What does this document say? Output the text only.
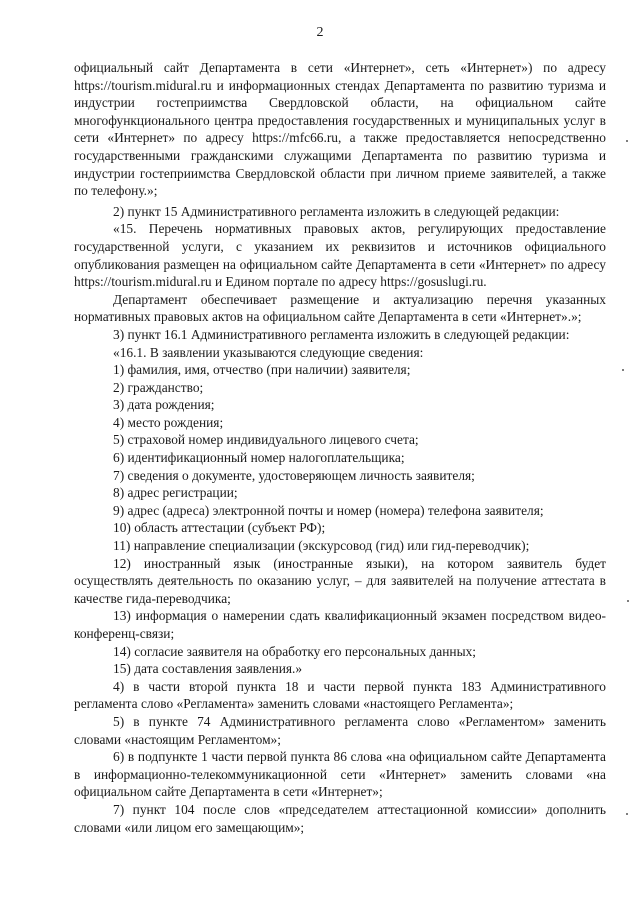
2

официальный сайт Департамента в сети «Интернет», сеть «Интернет») по адресу https://tourism.midural.ru и информационных стендах Департамента по развитию туризма и индустрии гостеприимства Свердловской области, на официальном сайте многофункционального центра предоставления государственных и муниципальных услуг в сети «Интернет» по адресу https://mfc66.ru, а также предоставляется непосредственно государственными гражданскими служащими Департамента по развитию туризма и индустрии гостеприимства Свердловской области при личном приеме заявителей, а также по телефону.»;

2) пункт 15 Административного регламента изложить в следующей редакции:

«15. Перечень нормативных правовых актов, регулирующих предоставление государственной услуги, с указанием их реквизитов и источников официального опубликования размещен на официальном сайте Департамента в сети «Интернет» по адресу https://tourism.midural.ru и Едином портале по адресу https://gosuslugi.ru.

Департамент обеспечивает размещение и актуализацию перечня указанных нормативных правовых актов на официальном сайте Департамента в сети «Интернет».»;

3) пункт 16.1 Административного регламента изложить в следующей редакции:

«16.1. В заявлении указываются следующие сведения:

1) фамилия, имя, отчество (при наличии) заявителя;

2) гражданство;

3) дата рождения;

4) место рождения;

5) страховой номер индивидуального лицевого счета;

6) идентификационный номер налогоплательщика;

7) сведения о документе, удостоверяющем личность заявителя;

8) адрес регистрации;

9) адрес (адреса) электронной почты и номер (номера) телефона заявителя;

10) область аттестации (субъект РФ);

11) направление специализации (экскурсовод (гид) или гид-переводчик);

12) иностранный язык (иностранные языки), на котором заявитель будет осуществлять деятельность по оказанию услуг, – для заявителей на получение аттестата в качестве гида-переводчика;

13) информация о намерении сдать квалификационный экзамен посредством видео-конференц-связи;

14) согласие заявителя на обработку его персональных данных;

15) дата составления заявления.»

4) в части второй пункта 18 и части первой пункта 183 Административного регламента слово «Регламента» заменить словами «настоящего Регламента»;

5) в пункте 74 Административного регламента слово «Регламентом» заменить словами «настоящим Регламентом»;

6) в подпункте 1 части первой пункта 86 слова «на официальном сайте Департамента в информационно-телекоммуникационной сети «Интернет» заменить словами «на официальном сайте Департамента в сети «Интернет»;

7) пункт 104 после слов «председателем аттестационной комиссии» дополнить словами «или лицом его замещающим»;
